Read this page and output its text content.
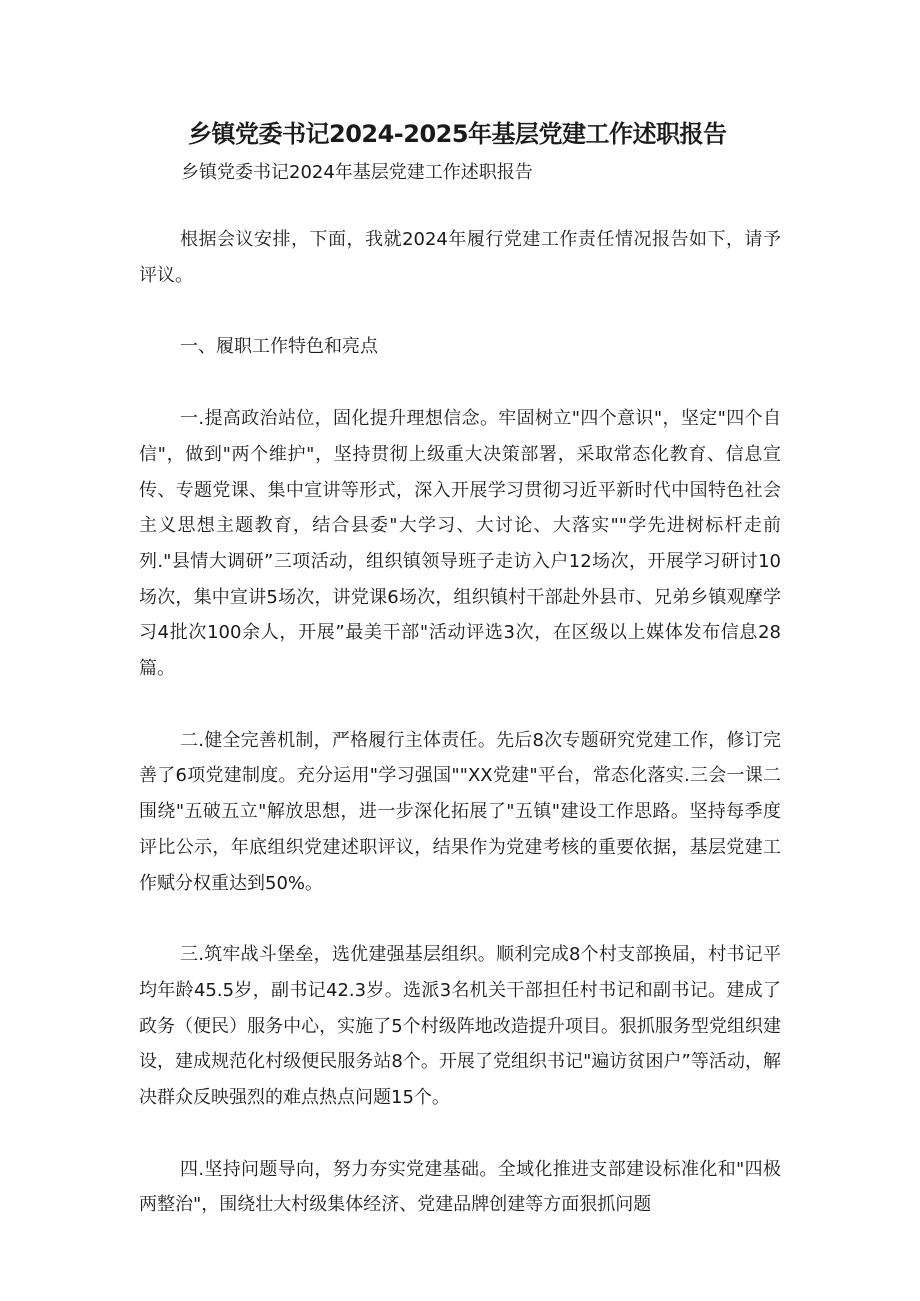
乡镇党委书记2024-2025年基层党建工作述职报告
乡镇党委书记2024年基层党建工作述职报告

根据会议安排，下面，我就2024年履行党建工作责任情况报告如下，请予评议。

一、履职工作特色和亮点

一.提高政治站位，固化提升理想信念。牢固树立"四个意识"，坚定"四个自信"，做到"两个维护"，坚持贯彻上级重大决策部署，采取常态化教育、信息宣传、专题党课、集中宣讲等形式，深入开展学习贯彻习近平新时代中国特色社会主义思想主题教育，结合县委"大学习、大讨论、大落实""学先进树标杆走前列."县情大调研”三项活动，组织镇领导班子走访入户12场次，开展学习研讨10场次，集中宣讲5场次，讲党课6场次，组织镇村干部赴外县市、兄弟乡镇观摩学习4批次100余人，开展”最美干部"活动评选3次，在区级以上媒体发布信息28篇。

二.健全完善机制，严格履行主体责任。先后8次专题研究党建工作，修订完善了6项党建制度。充分运用"学习强国""XX党建"平台，常态化落实.三会一课二围绕"五破五立"解放思想，进一步深化拓展了"五镇"建设工作思路。坚持每季度评比公示，年底组织党建述职评议，结果作为党建考核的重要依据，基层党建工作赋分权重达到50%。

三.筑牢战斗堡垒，选优建强基层组织。顺利完成8个村支部换届，村书记平均年龄45.5岁，副书记42.3岁。选派3名机关干部担任村书记和副书记。建成了政务（便民）服务中心，实施了5个村级阵地改造提升项目。狠抓服务型党组织建设，建成规范化村级便民服务站8个。开展了党组织书记"遍访贫困户”等活动，解决群众反映强烈的难点热点问题15个。

四.坚持问题导向，努力夯实党建基础。全域化推进支部建设标准化和"四极两整治"，围绕壮大村级集体经济、党建品牌创建等方面狠抓问题
